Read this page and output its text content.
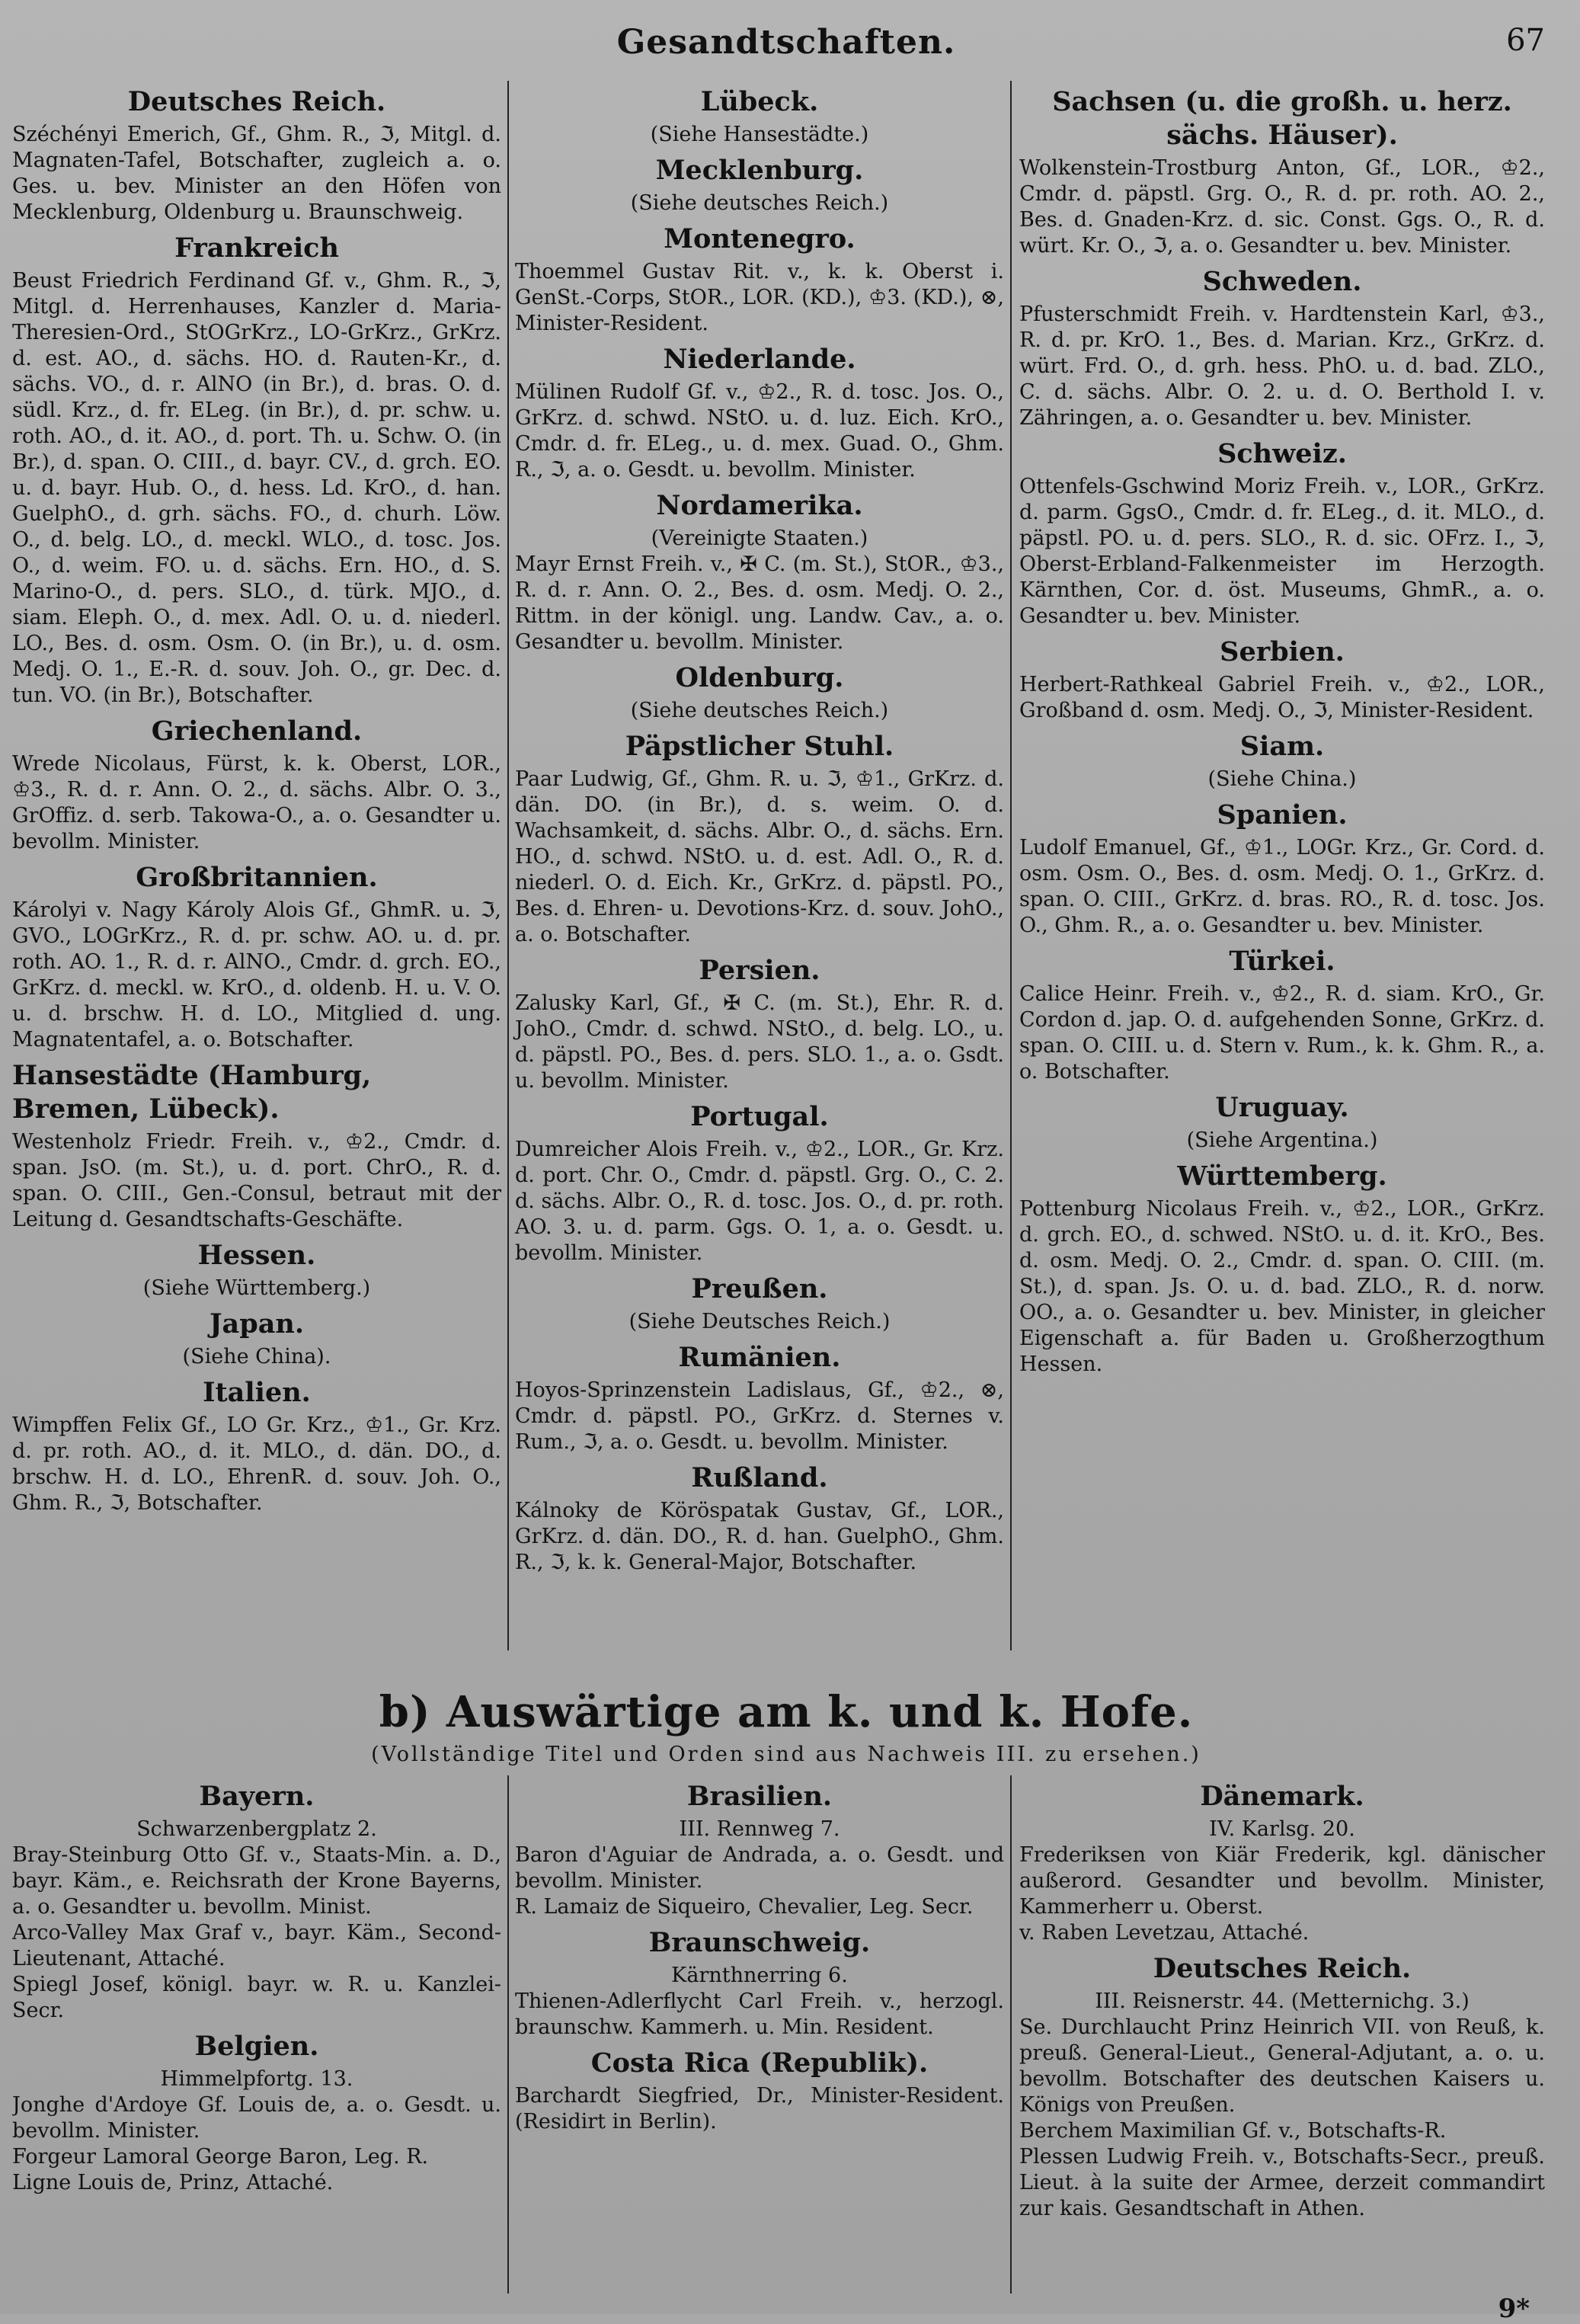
Gesandtschaften.	67
Deutsches Reich.

Széchényi Emerich, Gf., Ghm. R., ℑ, Mitgl. d. Magnaten-Tafel, Botschafter, zugleich a. o. Ges. u. bev. Minister an den Höfen von Mecklenburg, Oldenburg u. Braunschweig.

Frankreich

Beust Friedrich Ferdinand Gf. v., Ghm. R., ℑ, Mitgl. d. Herrenhauses, Kanzler d. Maria-Theresien-Ord., StOGrKrz., LO-GrKrz., GrKrz. d. est. AO., d. sächs. HO. d. Rauten-Kr., d. sächs. VO., d. r. AlNO (in Br.), d. bras. O. d. südl. Krz., d. fr. ELeg. (in Br.), d. pr. schw. u. roth. AO., d. it. AO., d. port. Th. u. Schw. O. (in Br.), d. span. O. CIII., d. bayr. CV., d. grch. EO. u. d. bayr. Hub. O., d. hess. Ld. KrO., d. han. GuelphO., d. grh. sächs. FO., d. churh. Löw. O., d. belg. LO., d. meckl. WLO., d. tosc. Jos. O., d. weim. FO. u. d. sächs. Ern. HO., d. S. Marino-O., d. pers. SLO., d. türk. MJO., d. siam. Eleph. O., d. mex. Adl. O. u. d. niederl. LO., Bes. d. osm. Osm. O. (in Br.), u. d. osm. Medj. O. 1., E.-R. d. souv. Joh. O., gr. Dec. d. tun. VO. (in Br.), Botschafter.

Griechenland.

Wrede Nicolaus, Fürst, k. k. Oberst, LOR., ♔3., R. d. r. Ann. O. 2., d. sächs. Albr. O. 3., GrOffiz. d. serb. Takowa-O., a. o. Gesandter u. bevollm. Minister.

Großbritannien.

Károlyi v. Nagy Károly Alois Gf., GhmR. u. ℑ, GVO., LOGrKrz., R. d. pr. schw. AO. u. d. pr. roth. AO. 1., R. d. r. AlNO., Cmdr. d. grch. EO., GrKrz. d. meckl. w. KrO., d. oldenb. H. u. V. O. u. d. brschw. H. d. LO., Mitglied d. ung. Magnatentafel, a. o. Botschafter.

Hansestädte (Hamburg, Bremen, Lübeck).

Westenholz Friedr. Freih. v., ♔2., Cmdr. d. span. JsO. (m. St.), u. d. port. ChrO., R. d. span. O. CIII., Gen.-Consul, betraut mit der Leitung d. Gesandtschafts-Geschäfte.

Hessen.
(Siehe Württemberg.)
Japan.
(Siehe China).
Italien.

Wimpffen Felix Gf., LO Gr. Krz., ♔1., Gr. Krz. d. pr. roth. AO., d. it. MLO., d. dän. DO., d. brschw. H. d. LO., EhrenR. d. souv. Joh. O., Ghm. R., ℑ, Botschafter.

Lübeck.
(Siehe Hansestädte.)
Mecklenburg.
(Siehe deutsches Reich.)
Montenegro.

Thoemmel Gustav Rit. v., k. k. Oberst i. GenSt.-Corps, StOR., LOR. (KD.), ♔3. (KD.), ⊗, Minister-Resident.

Niederlande.

Mülinen Rudolf Gf. v., ♔2., R. d. tosc. Jos. O., GrKrz. d. schwd. NStO. u. d. luz. Eich. KrO., Cmdr. d. fr. ELeg., u. d. mex. Guad. O., Ghm. R., ℑ, a. o. Gesdt. u. bevollm. Minister.

Nordamerika.
(Vereinigte Staaten.)

Mayr Ernst Freih. v., ✠ C. (m. St.), StOR., ♔3., R. d. r. Ann. O. 2., Bes. d. osm. Medj. O. 2., Rittm. in der königl. ung. Landw. Cav., a. o. Gesandter u. bevollm. Minister.

Oldenburg.
(Siehe deutsches Reich.)
Päpstlicher Stuhl.

Paar Ludwig, Gf., Ghm. R. u. ℑ, ♔1., GrKrz. d. dän. DO. (in Br.), d. s. weim. O. d. Wachsamkeit, d. sächs. Albr. O., d. sächs. Ern. HO., d. schwd. NStO. u. d. est. Adl. O., R. d. niederl. O. d. Eich. Kr., GrKrz. d. päpstl. PO., Bes. d. Ehren- u. Devotions-Krz. d. souv. JohO., a. o. Botschafter.

Persien.

Zalusky Karl, Gf., ✠ C. (m. St.), Ehr. R. d. JohO., Cmdr. d. schwd. NStO., d. belg. LO., u. d. päpstl. PO., Bes. d. pers. SLO. 1., a. o. Gsdt. u. bevollm. Minister.

Portugal.

Dumreicher Alois Freih. v., ♔2., LOR., Gr. Krz. d. port. Chr. O., Cmdr. d. päpstl. Grg. O., C. 2. d. sächs. Albr. O., R. d. tosc. Jos. O., d. pr. roth. AO. 3. u. d. parm. Ggs. O. 1, a. o. Gesdt. u. bevollm. Minister.

Preußen.
(Siehe Deutsches Reich.)
Rumänien.

Hoyos-Sprinzenstein Ladislaus, Gf., ♔2., ⊗, Cmdr. d. päpstl. PO., GrKrz. d. Sternes v. Rum., ℑ, a. o. Gesdt. u. bevollm. Minister.

Rußland.

Kálnoky de Köröspatak Gustav, Gf., LOR., GrKrz. d. dän. DO., R. d. han. GuelphO., Ghm. R., ℑ, k. k. General-Major, Botschafter.

Sachsen (u. die großh. u. herz. sächs. Häuser).

Wolkenstein-Trostburg Anton, Gf., LOR., ♔2., Cmdr. d. päpstl. Grg. O., R. d. pr. roth. AO. 2., Bes. d. Gnaden-Krz. d. sic. Const. Ggs. O., R. d. würt. Kr. O., ℑ, a. o. Gesandter u. bev. Minister.

Schweden.

Pfusterschmidt Freih. v. Hardtenstein Karl, ♔3., R. d. pr. KrO. 1., Bes. d. Marian. Krz., GrKrz. d. würt. Frd. O., d. grh. hess. PhO. u. d. bad. ZLO., C. d. sächs. Albr. O. 2. u. d. O. Berthold I. v. Zähringen, a. o. Gesandter u. bev. Minister.

Schweiz.

Ottenfels-Gschwind Moriz Freih. v., LOR., GrKrz. d. parm. GgsO., Cmdr. d. fr. ELeg., d. it. MLO., d. päpstl. PO. u. d. pers. SLO., R. d. sic. OFrz. I., ℑ, Oberst-Erbland-Falkenmeister im Herzogth. Kärnthen, Cor. d. öst. Museums, GhmR., a. o. Gesandter u. bev. Minister.

Serbien.

Herbert-Rathkeal Gabriel Freih. v., ♔2., LOR., Großband d. osm. Medj. O., ℑ, Minister-Resident.

Siam.
(Siehe China.)
Spanien.

Ludolf Emanuel, Gf., ♔1., LOGr. Krz., Gr. Cord. d. osm. Osm. O., Bes. d. osm. Medj. O. 1., GrKrz. d. span. O. CIII., GrKrz. d. bras. RO., R. d. tosc. Jos. O., Ghm. R., a. o. Gesandter u. bev. Minister.

Türkei.

Calice Heinr. Freih. v., ♔2., R. d. siam. KrO., Gr. Cordon d. jap. O. d. aufgehenden Sonne, GrKrz. d. span. O. CIII. u. d. Stern v. Rum., k. k. Ghm. R., a. o. Botschafter.

Uruguay.
(Siehe Argentina.)
Württemberg.

Pottenburg Nicolaus Freih. v., ♔2., LOR., GrKrz. d. grch. EO., d. schwed. NStO. u. d. it. KrO., Bes. d. osm. Medj. O. 2., Cmdr. d. span. O. CIII. (m. St.), d. span. Js. O. u. d. bad. ZLO., R. d. norw. OO., a. o. Gesandter u. bev. Minister, in gleicher Eigenschaft a. für Baden u. Großherzogthum Hessen.

b) Auswärtige am k. und k. Hofe.
(Vollständige Titel und Orden sind aus Nachweis III. zu ersehen.)
Bayern.
Schwarzenbergplatz 2.

Bray-Steinburg Otto Gf. v., Staats-Min. a. D., bayr. Käm., e. Reichsrath der Krone Bayerns, a. o. Gesandter u. bevollm. Minist.

Arco-Valley Max Graf v., bayr. Käm., Second-Lieutenant, Attaché.

Spiegl Josef, königl. bayr. w. R. u. Kanzlei-Secr.

Belgien.
Himmelpfortg. 13.

Jonghe d'Ardoye Gf. Louis de, a. o. Gesdt. u. bevollm. Minister.

Forgeur Lamoral George Baron, Leg. R.

Ligne Louis de, Prinz, Attaché.

Brasilien.
III. Rennweg 7.

Baron d'Aguiar de Andrada, a. o. Gesdt. und bevollm. Minister.

R. Lamaiz de Siqueiro, Chevalier, Leg. Secr.

Braunschweig.
Kärnthnerring 6.

Thienen-Adlerflycht Carl Freih. v., herzogl. braunschw. Kammerh. u. Min. Resident.

Costa Rica (Republik).

Barchardt Siegfried, Dr., Minister-Resident. (Residirt in Berlin).

Dänemark.
IV. Karlsg. 20.

Frederiksen von Kiär Frederik, kgl. dänischer außerord. Gesandter und bevollm. Minister, Kammerherr u. Oberst.

v. Raben Levetzau, Attaché.

Deutsches Reich.
III. Reisnerstr. 44. (Metternichg. 3.)

Se. Durchlaucht Prinz Heinrich VII. von Reuß, k. preuß. General-Lieut., General-Adjutant, a. o. u. bevollm. Botschafter des deutschen Kaisers u. Königs von Preußen.

Berchem Maximilian Gf. v., Botschafts-R.

Plessen Ludwig Freih. v., Botschafts-Secr., preuß. Lieut. à la suite der Armee, derzeit commandirt zur kais. Gesandtschaft in Athen.

9*
